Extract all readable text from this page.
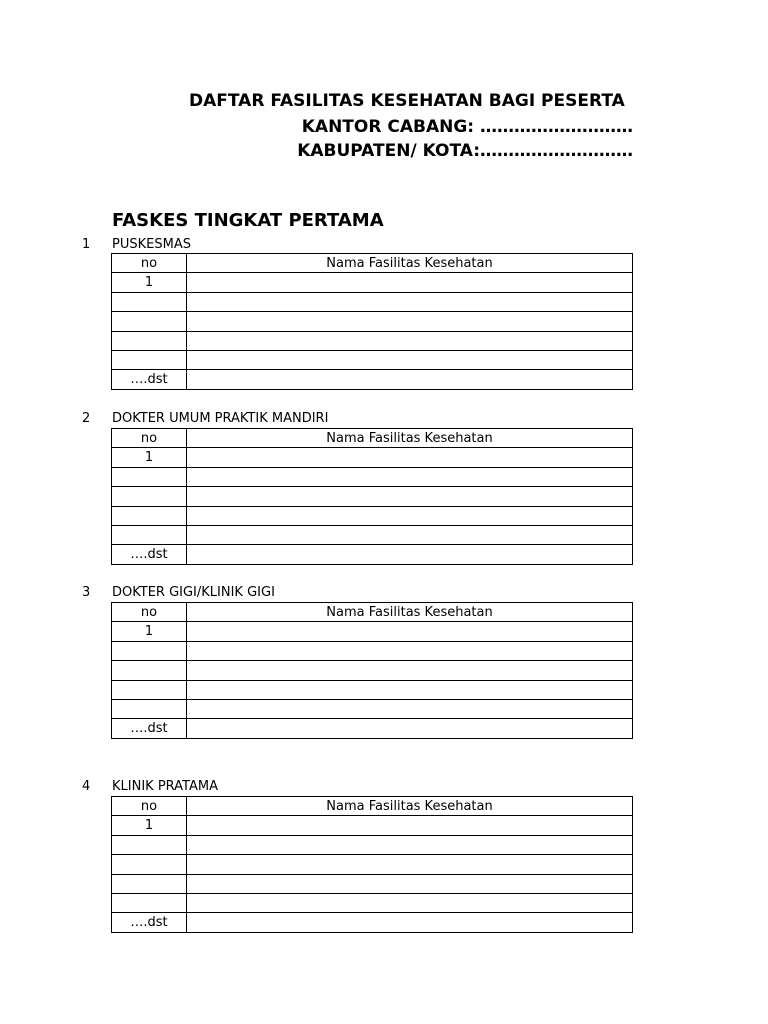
DAFTAR FASILITAS KESEHATAN BAGI PESERTA
KANTOR CABANG: ………………………
KABUPATEN/ KOTA:………………………
FASKES TINGKAT PERTAMA
1 PUSKESMAS
no	Nama Fasilitas Kesehatan
1	

….dst	
2 DOKTER UMUM PRAKTIK MANDIRI
no	Nama Fasilitas Kesehatan
1	

….dst	
3 DOKTER GIGI/KLINIK GIGI
no	Nama Fasilitas Kesehatan
1	

….dst	
4 KLINIK PRATAMA
no	Nama Fasilitas Kesehatan
1	

….dst	
